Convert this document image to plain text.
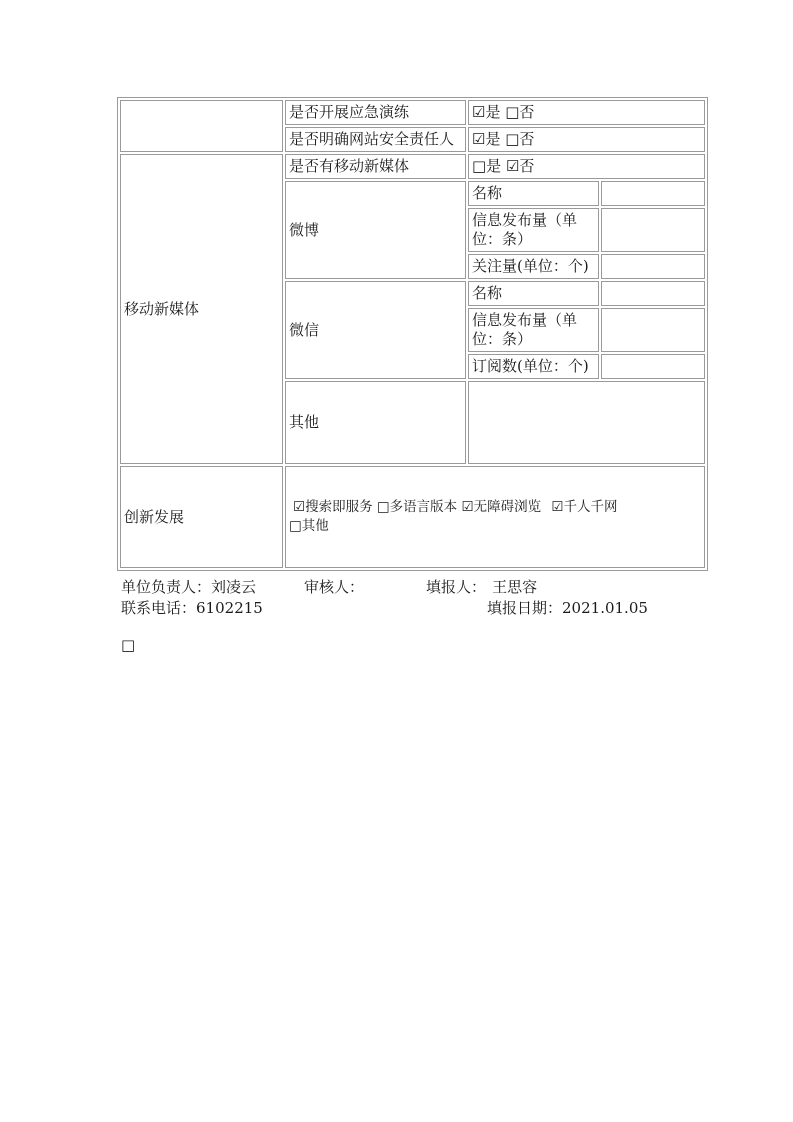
	是否开展应急演练	☑是 □否	
	是否明确网站安全责任人	☑是 □否	
移动新媒体	是否有移动新媒体	□是 ☑否	
	微博	名称	
		信息发布量（单位：条）	
		关注量(单位：个)	
	微信	名称	
		信息发布量（单位：条）	
		订阅数(单位：个)	
	其他		
创新发展	☑搜索即服务 □多语言版本 ☑无障碍浏览 ☑千人千网
□其他		
单位负责人：刘凌云	审核人：	填报人： 王思容
联系电话：6102215	填报日期：2021.01.05
□
